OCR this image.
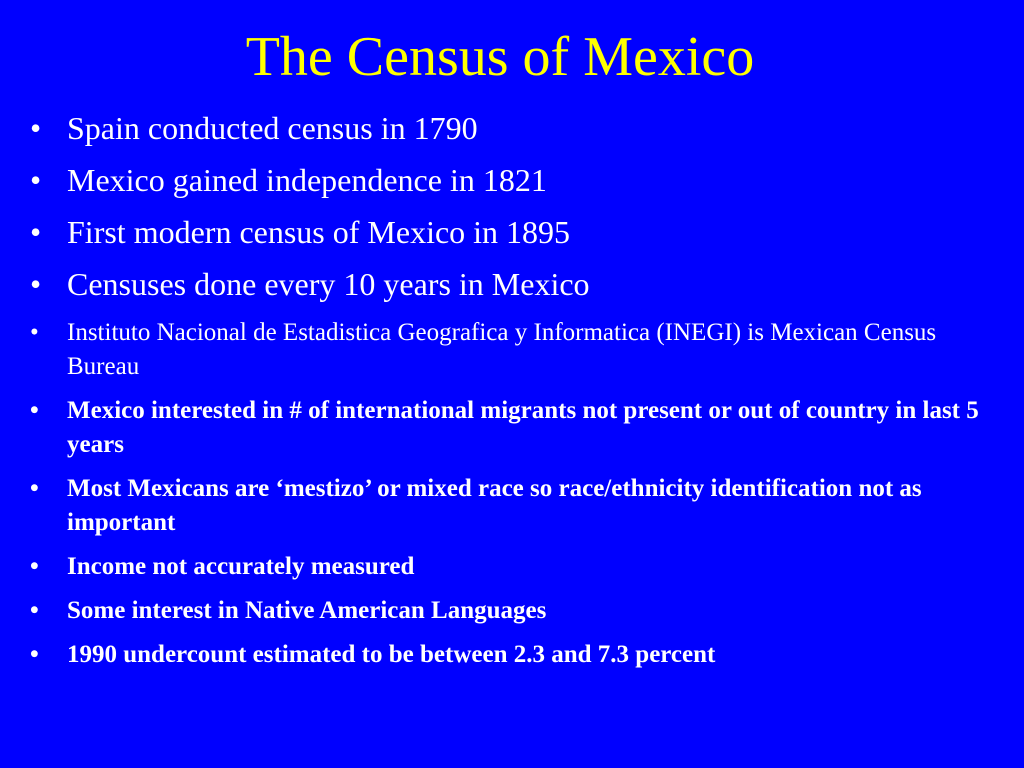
The Census of Mexico
• Spain conducted census in 1790
• Mexico gained independence in 1821
• First modern census of Mexico in 1895
• Censuses done every 10 years in Mexico
• Instituto Nacional de Estadistica Geografica y Informatica (INEGI) is Mexican Census Bureau
• Mexico interested in # of international migrants not present or out of country in last 5 years
• Most Mexicans are ‘mestizo’ or mixed race so race/ethnicity identification not as important
• Income not accurately measured
• Some interest in Native American Languages
• 1990 undercount estimated to be between 2.3 and 7.3 percent
